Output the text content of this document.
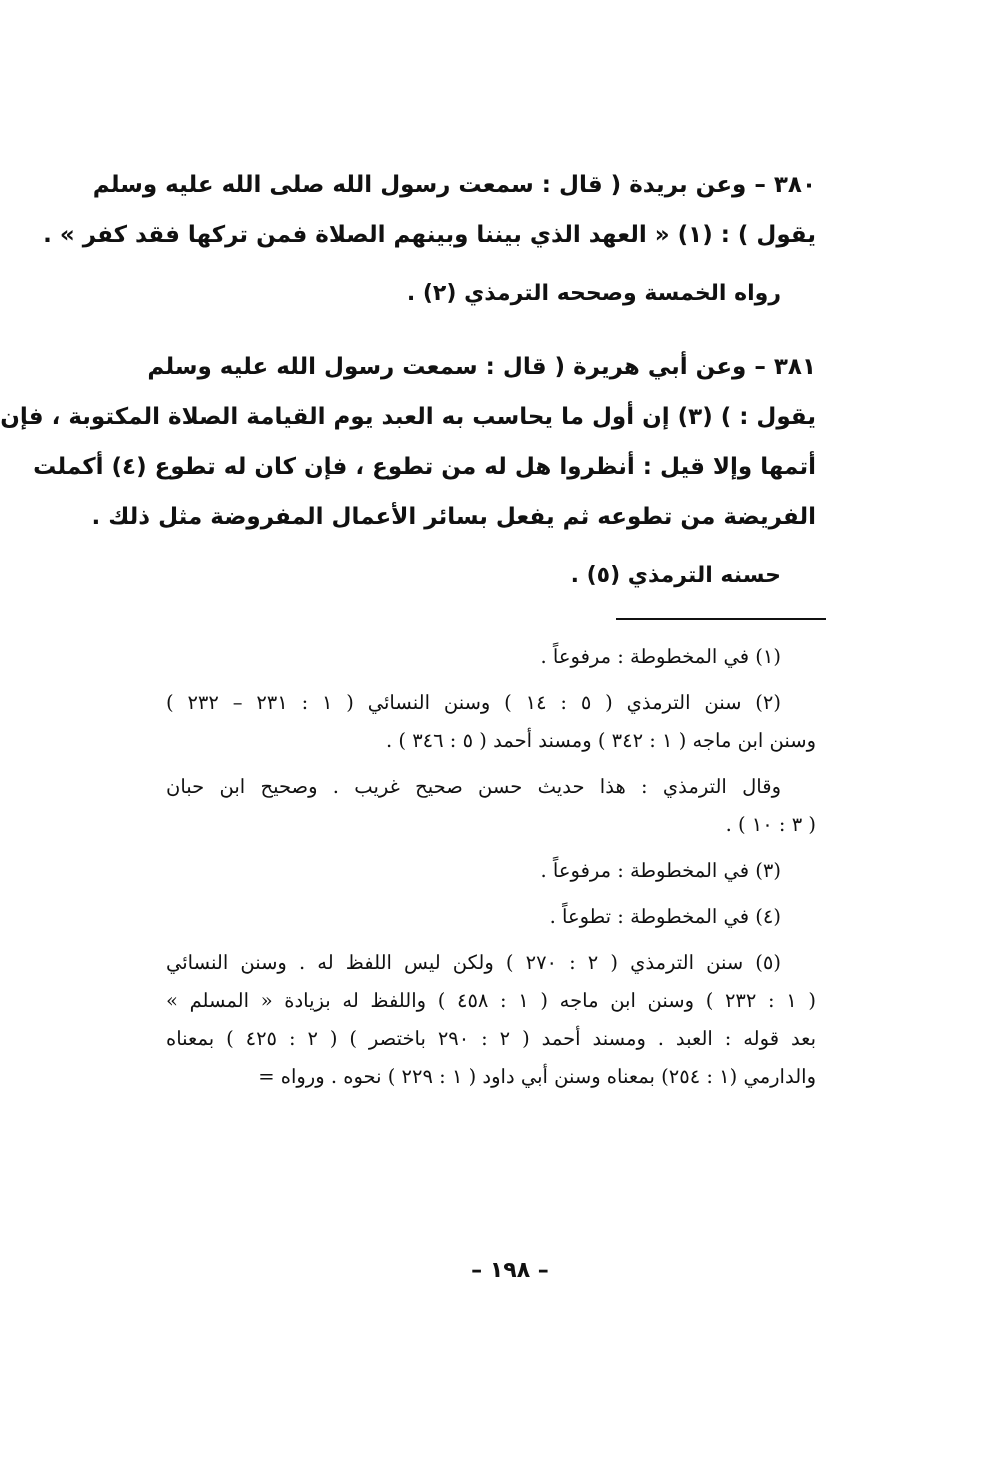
٣٨٠ – وعن بريدة ( قال : سمعت رسول الله صلى الله عليه وسلم
يقول ) : (١) « العهد الذي بيننا وبينهم الصلاة فمن تركها فقد كفر » .
رواه الخمسة وصححه الترمذي (٢) .
٣٨١ – وعن أبي هريرة ( قال : سمعت رسول الله عليه وسلم
يقول : ) (٣) إن أول ما يحاسب به العبد يوم القيامة الصلاة المكتوبة ، فإن
أتمها وإلا قيل : أنظروا هل له من تطوع ، فإن كان له تطوع (٤) أكملت
الفريضة من تطوعه ثم يفعل بسائر الأعمال المفروضة مثل ذلك .
حسنه الترمذي (٥) .
(١) في المخطوطة : مرفوعاً .
(٢) سنن الترمذي ( ٥ : ١٤ ) وسنن النسائي ( ١ : ٢٣١ – ٢٣٢ )
وسنن ابن ماجه ( ١ : ٣٤٢ ) ومسند أحمد ( ٥ : ٣٤٦ ) .
وقال الترمذي : هذا حديث حسن صحيح غريب . وصحيح ابن حبان
( ٣ : ١٠ ) .
(٣) في المخطوطة : مرفوعاً .
(٤) في المخطوطة : تطوعاً .
(٥) سنن الترمذي ( ٢ : ٢٧٠ ) ولكن ليس اللفظ له . وسنن النسائي
( ١ : ٢٣٢ ) وسنن ابن ماجه ( ١ : ٤٥٨ ) واللفظ له بزيادة « المسلم »
بعد قوله : العبد . ومسند أحمد ( ٢ : ٢٩٠ باختصر ) ( ٢ : ٤٢٥ ) بمعناه
والدارمي (١ : ٢٥٤) بمعناه وسنن أبي داود ( ١ : ٢٢٩ ) نحوه . ورواه =
– ١٩٨ –
